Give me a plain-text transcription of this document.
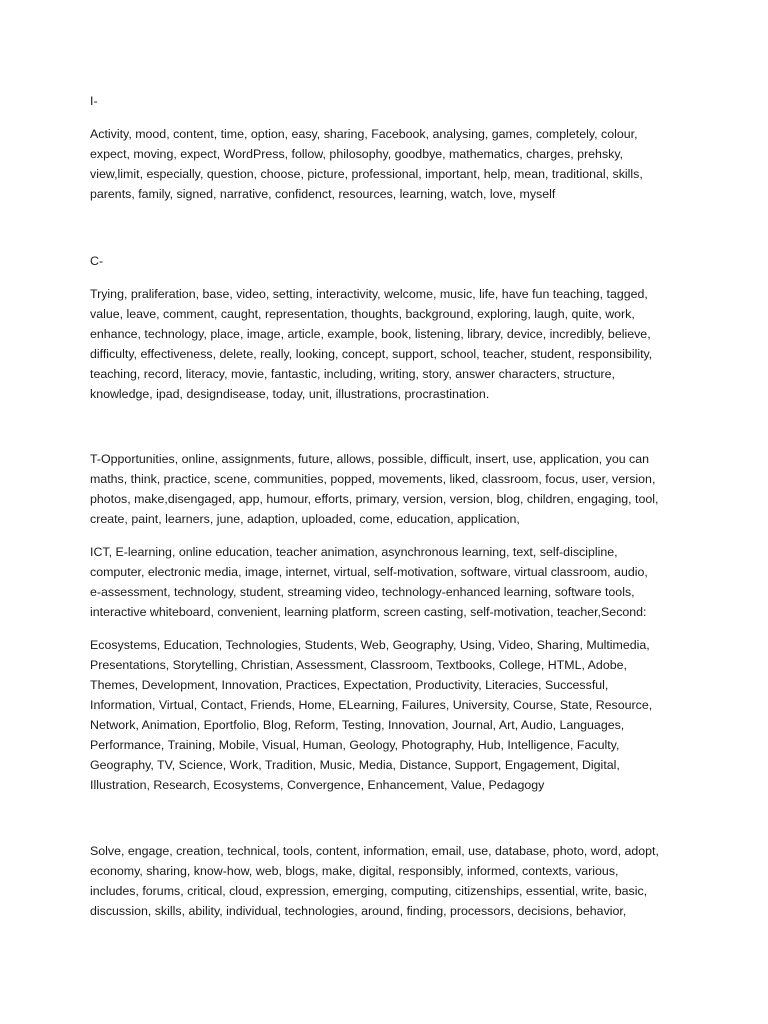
I-

Activity, mood, content, time, option, easy, sharing, Facebook, analysing, games, completely, colour,
expect, moving, expect, WordPress, follow, philosophy, goodbye, mathematics, charges, prehsky,
view,limit, especially, question, choose, picture, professional, important, help, mean, traditional, skills,
parents, family, signed, narrative, confidenct, resources, learning, watch, love, myself

C-

Trying, praliferation, base, video, setting, interactivity, welcome, music, life, have fun teaching, tagged,
value, leave, comment, caught, representation, thoughts, background, exploring, laugh, quite, work,
enhance, technology, place, image, article, example, book, listening, library, device, incredibly, believe,
difficulty, effectiveness, delete, really, looking, concept, support, school, teacher, student, responsibility,
teaching, record, literacy, movie, fantastic, including, writing, story, answer characters, structure,
knowledge, ipad, designdisease, today, unit, illustrations, procrastination.

T-Opportunities, online, assignments, future, allows, possible, difficult, insert, use, application, you can
maths, think, practice, scene, communities, popped, movements, liked, classroom, focus, user, version,
photos, make,disengaged, app, humour, efforts, primary, version, version, blog, children, engaging, tool,
create, paint, learners, june, adaption, uploaded, come, education, application,

ICT, E-learning, online education, teacher animation, asynchronous learning, text, self-discipline,
computer, electronic media, image, internet, virtual, self-motivation, software, virtual classroom, audio,
e-assessment, technology, student, streaming video, technology-enhanced learning, software tools,
interactive whiteboard, convenient, learning platform, screen casting, self-motivation, teacher,Second:

Ecosystems, Education, Technologies, Students, Web, Geography, Using, Video, Sharing, Multimedia,
Presentations, Storytelling, Christian, Assessment, Classroom, Textbooks, College, HTML, Adobe,
Themes, Development, Innovation, Practices, Expectation, Productivity, Literacies, Successful,
Information, Virtual, Contact, Friends, Home, ELearning, Failures, University, Course, State, Resource,
Network, Animation, Eportfolio, Blog, Reform, Testing, Innovation, Journal, Art, Audio, Languages,
Performance, Training, Mobile, Visual, Human, Geology, Photography, Hub, Intelligence, Faculty,
Geography, TV, Science, Work, Tradition, Music, Media, Distance, Support, Engagement, Digital,
Illustration, Research, Ecosystems, Convergence, Enhancement, Value, Pedagogy

Solve, engage, creation, technical, tools, content, information, email, use, database, photo, word, adopt,
economy, sharing, know-how, web, blogs, make, digital, responsibly, informed, contexts, various,
includes, forums, critical, cloud, expression, emerging, computing, citizenships, essential, write, basic,
discussion, skills, ability, individual, technologies, around, finding, processors, decisions, behavior,
